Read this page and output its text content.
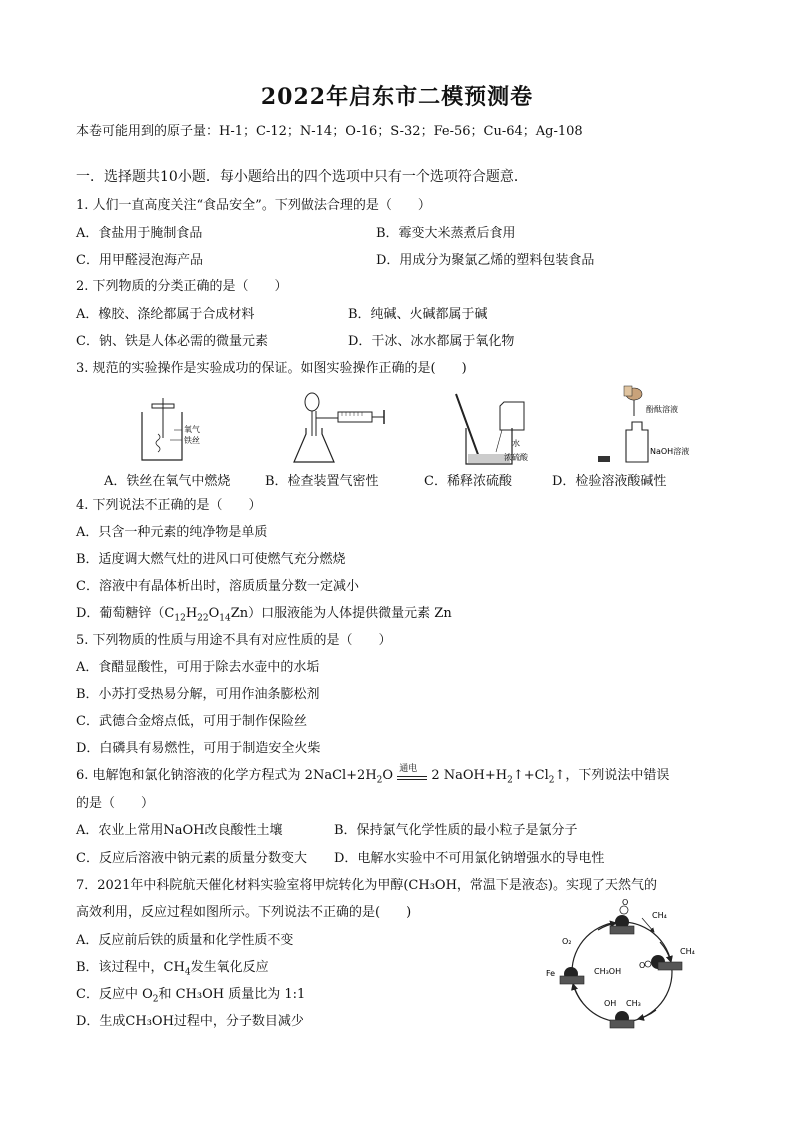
2022年启东市二模预测卷
本卷可能用到的原子量：H-1；C-12；N-14；O-16；S-32；Fe-56；Cu-64；Ag-108
一．选择题共10小题．每小题给出的四个选项中只有一个选项符合题意．
1. 人们一直高度关注“食品安全”。下列做法合理的是（　　）
A．食盐用于腌制食品	B．霉变大米蒸煮后食用
C．用甲醛浸泡海产品	D．用成分为聚氯乙烯的塑料包装食品
2. 下列物质的分类正确的是（　　）
A．橡胶、涤纶都属于合成材料	B．纯碱、火碱都属于碱
C．钠、铁是人体必需的微量元素	D．干冰、冰水都属于氧化物
3. 规范的实验操作是实验成功的保证。如图实验操作正确的是(　　)
氧气
铁丝	水
浓硫酸
酚酞溶液
NaOH溶液
A．铁丝在氧气中燃烧	B．检查装置气密性	C．稀释浓硫酸	D．检验溶液酸碱性
4. 下列说法不正确的是（　　）
A．只含一种元素的纯净物是单质
B．适度调大燃气灶的进风口可使燃气充分燃烧
C．溶液中有晶体析出时，溶质质量分数一定减小
D．葡萄糖锌$(C_{12}H_{22}O_{14}Zn)$口服液能为人体提供微量元素 Zn
5. 下列物质的性质与用途不具有对应性质的是（　　）
A．食醋显酸性，可用于除去水壶中的水垢
B．小苏打受热易分解，可用作油条膨松剂
C．武德合金熔点低，可用于制作保险丝
D．白磷具有易燃性，可用于制造安全火柴
6. 电解饱和氯化钠溶液的化学方程式为 $2NaCl+2H_2O$ 通电 2 $NaOH+H_2↑+Cl_2↑$，下列说法中错误
的是（　　）
A．农业上常用NaOH改良酸性土壤	B．保持氯气化学性质的最小粒子是氯分子
C．反应后溶液中钠元素的质量分数变大 D．电解水实验中不可用氯化钠增强水的导电性
7．2021年中科院航天催化材料实验室将甲烷转化为甲醇(CH₃OH，常温下是液态)。实现了天然气的
高效利用，反应过程如图所示。下列说法不正确的是(　　)
A．反应前后铁的质量和化学性质不变
B．该过程中，$CH_4$发生氧化反应
C．反应中 $O_2$和 CH₃OH 质量比为 1:1
D．生成CH₃OH过程中，分子数目减少
O₂
O
CH₄
CH₄
O
Fe	CH₃OH
OH CH₃
